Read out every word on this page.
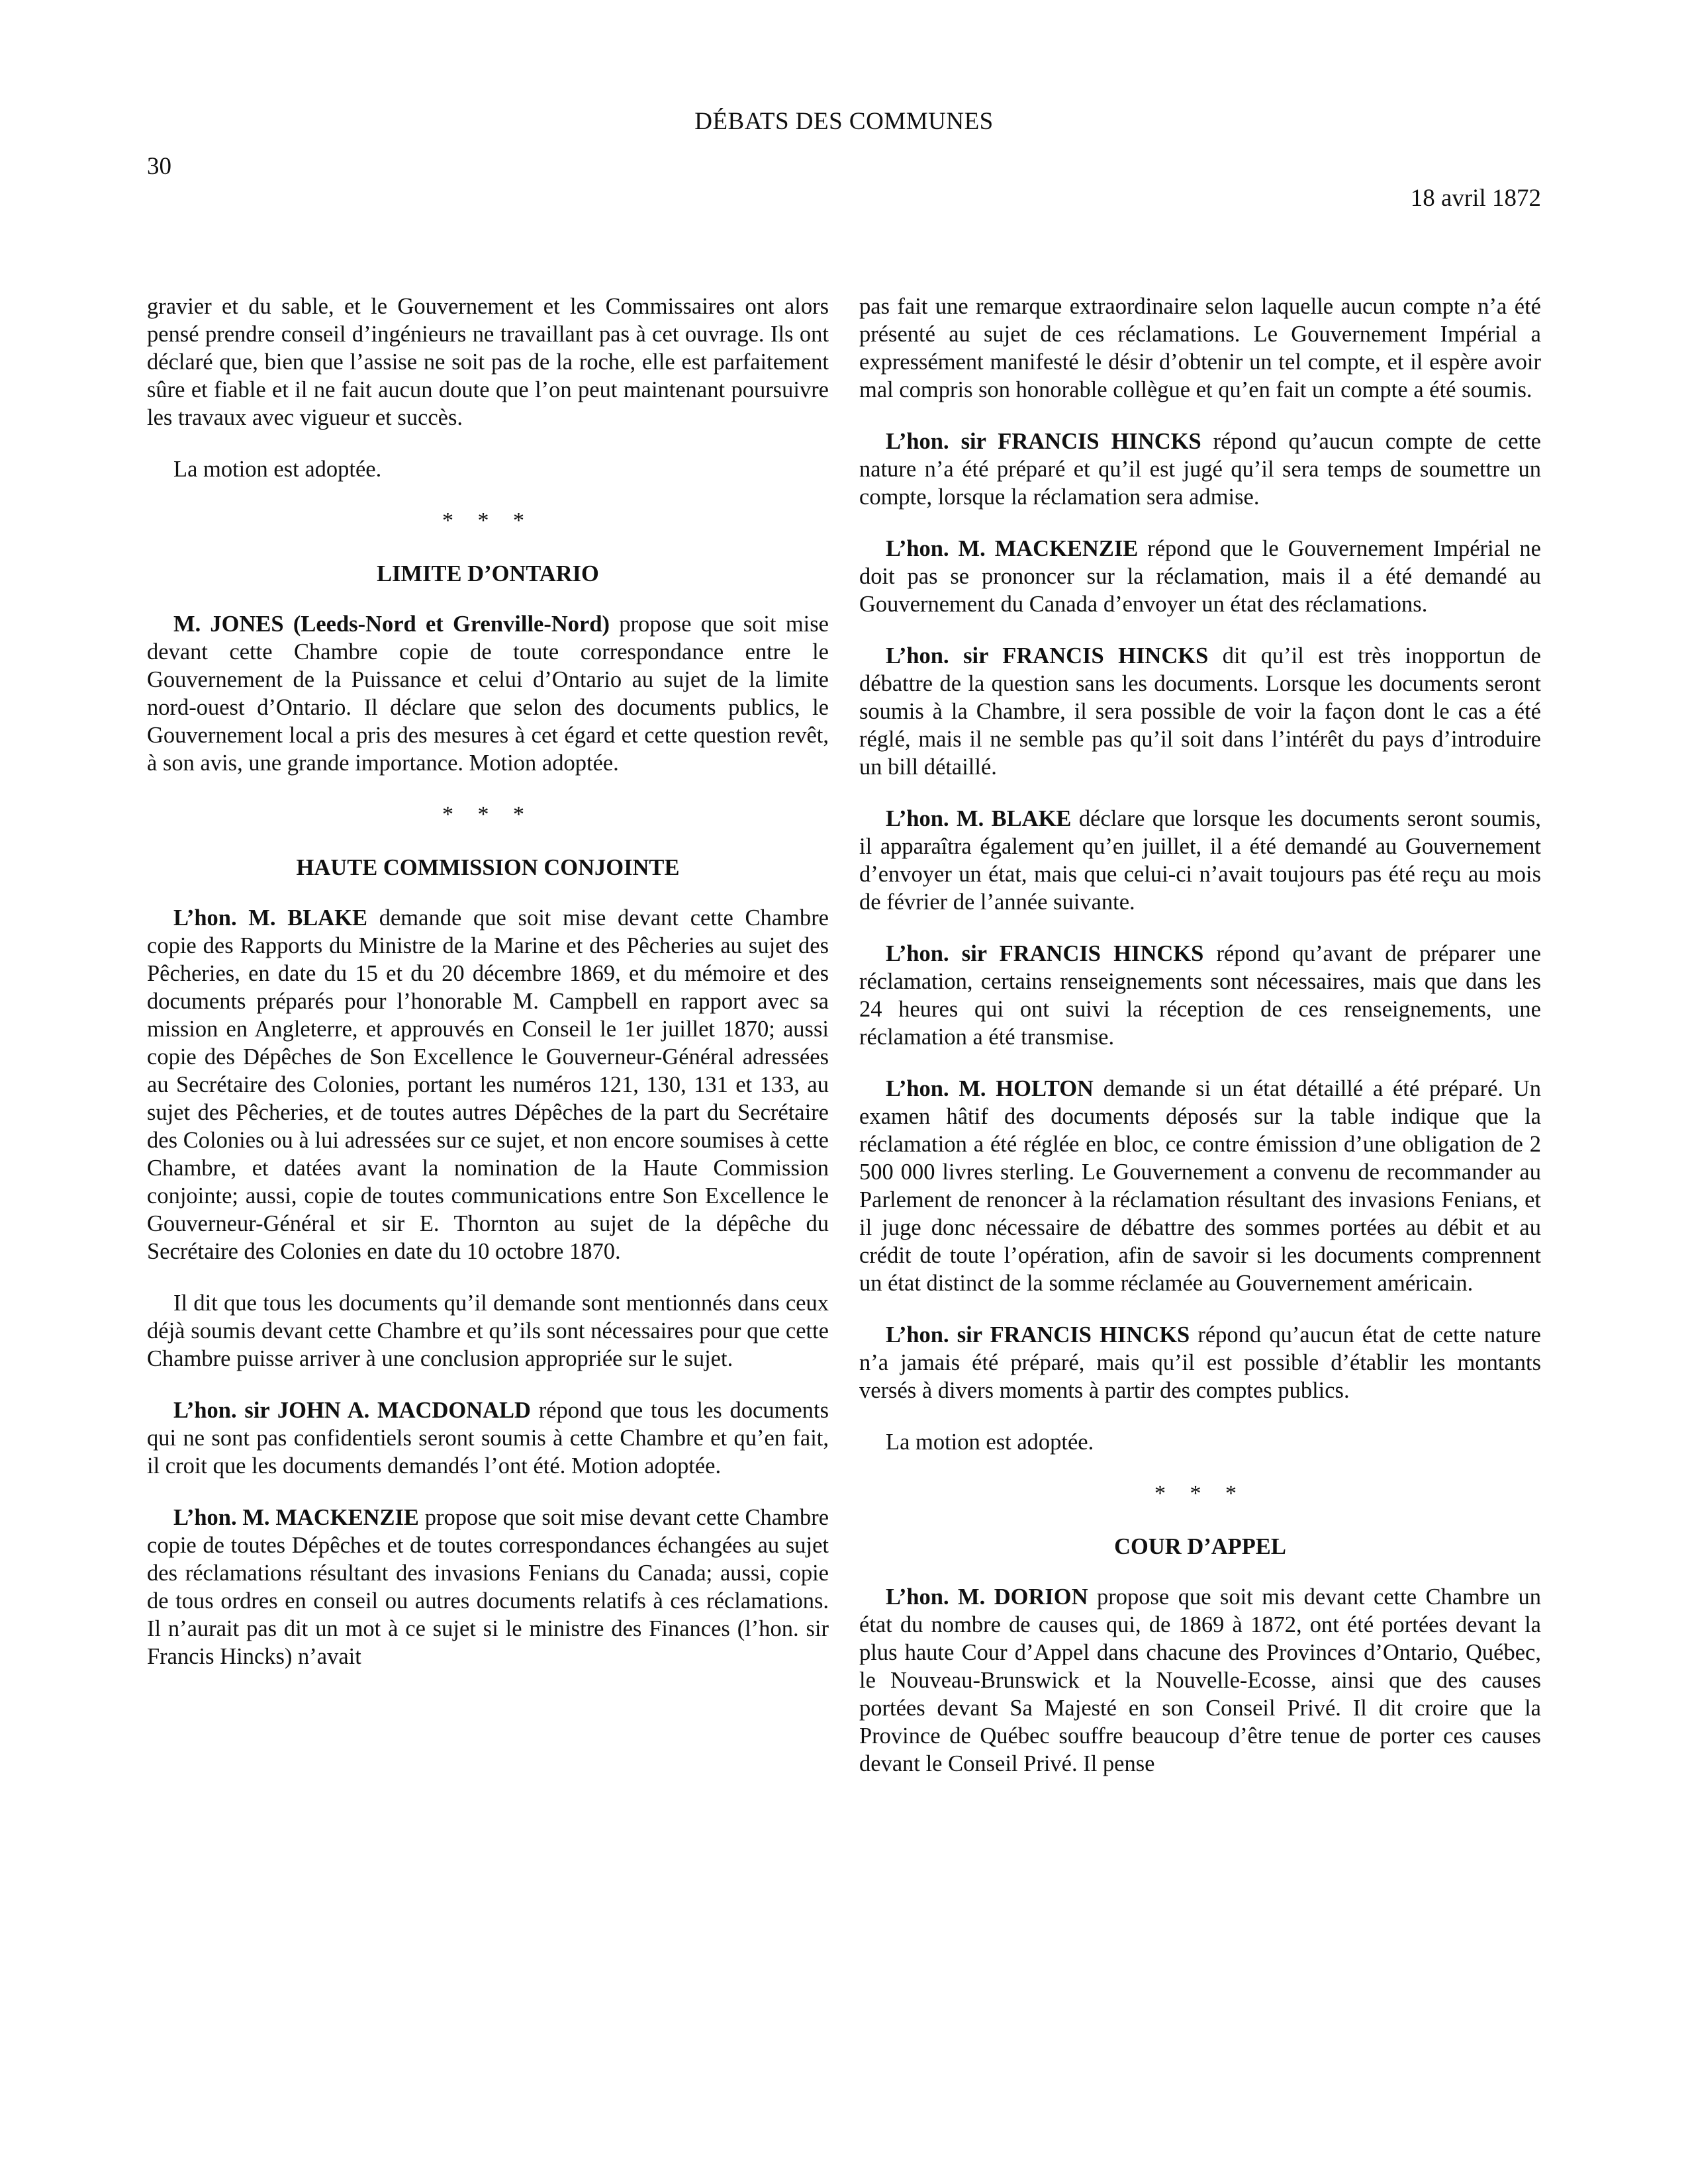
DÉBATS DES COMMUNES
30
18 avril 1872

gravier et du sable, et le Gouvernement et les Commissaires ont alors pensé prendre conseil d’ingénieurs ne travaillant pas à cet ouvrage. Ils ont déclaré que, bien que l’assise ne soit pas de la roche, elle est parfaitement sûre et fiable et il ne fait aucun doute que l’on peut maintenant poursuivre les travaux avec vigueur et succès.

La motion est adoptée.

* * *
LIMITE D’ONTARIO

M. JONES (Leeds-Nord et Grenville-Nord) propose que soit mise devant cette Chambre copie de toute correspondance entre le Gouvernement de la Puissance et celui d’Ontario au sujet de la limite nord-ouest d’Ontario. Il déclare que selon des documents publics, le Gouvernement local a pris des mesures à cet égard et cette question revêt, à son avis, une grande importance. Motion adoptée.

* * *
HAUTE COMMISSION CONJOINTE

L’hon. M. BLAKE demande que soit mise devant cette Chambre copie des Rapports du Ministre de la Marine et des Pêcheries au sujet des Pêcheries, en date du 15 et du 20 décembre 1869, et du mémoire et des documents préparés pour l’honorable M. Campbell en rapport avec sa mission en Angleterre, et approuvés en Conseil le 1er juillet 1870; aussi copie des Dépêches de Son Excellence le Gouverneur-Général adressées au Secrétaire des Colonies, portant les numéros 121, 130, 131 et 133, au sujet des Pêcheries, et de toutes autres Dépêches de la part du Secrétaire des Colonies ou à lui adressées sur ce sujet, et non encore soumises à cette Chambre, et datées avant la nomination de la Haute Commission conjointe; aussi, copie de toutes communications entre Son Excellence le Gouverneur-Général et sir E. Thornton au sujet de la dépêche du Secrétaire des Colonies en date du 10 octobre 1870.

Il dit que tous les documents qu’il demande sont mentionnés dans ceux déjà soumis devant cette Chambre et qu’ils sont nécessaires pour que cette Chambre puisse arriver à une conclusion appropriée sur le sujet.

L’hon. sir JOHN A. MACDONALD répond que tous les documents qui ne sont pas confidentiels seront soumis à cette Chambre et qu’en fait, il croit que les documents demandés l’ont été. Motion adoptée.

L’hon. M. MACKENZIE propose que soit mise devant cette Chambre copie de toutes Dépêches et de toutes correspondances échangées au sujet des réclamations résultant des invasions Fenians du Canada; aussi, copie de tous ordres en conseil ou autres documents relatifs à ces réclamations. Il n’aurait pas dit un mot à ce sujet si le ministre des Finances (l’hon. sir Francis Hincks) n’avait

pas fait une remarque extraordinaire selon laquelle aucun compte n’a été présenté au sujet de ces réclamations. Le Gouvernement Impérial a expressément manifesté le désir d’obtenir un tel compte, et il espère avoir mal compris son honorable collègue et qu’en fait un compte a été soumis.

L’hon. sir FRANCIS HINCKS répond qu’aucun compte de cette nature n’a été préparé et qu’il est jugé qu’il sera temps de soumettre un compte, lorsque la réclamation sera admise.

L’hon. M. MACKENZIE répond que le Gouvernement Impérial ne doit pas se prononcer sur la réclamation, mais il a été demandé au Gouvernement du Canada d’envoyer un état des réclamations.

L’hon. sir FRANCIS HINCKS dit qu’il est très inopportun de débattre de la question sans les documents. Lorsque les documents seront soumis à la Chambre, il sera possible de voir la façon dont le cas a été réglé, mais il ne semble pas qu’il soit dans l’intérêt du pays d’introduire un bill détaillé.

L’hon. M. BLAKE déclare que lorsque les documents seront soumis, il apparaîtra également qu’en juillet, il a été demandé au Gouvernement d’envoyer un état, mais que celui-ci n’avait toujours pas été reçu au mois de février de l’année suivante.

L’hon. sir FRANCIS HINCKS répond qu’avant de préparer une réclamation, certains renseignements sont nécessaires, mais que dans les 24 heures qui ont suivi la réception de ces renseignements, une réclamation a été transmise.

L’hon. M. HOLTON demande si un état détaillé a été préparé. Un examen hâtif des documents déposés sur la table indique que la réclamation a été réglée en bloc, ce contre émission d’une obligation de 2 500 000 livres sterling. Le Gouvernement a convenu de recommander au Parlement de renoncer à la réclamation résultant des invasions Fenians, et il juge donc nécessaire de débattre des sommes portées au débit et au crédit de toute l’opération, afin de savoir si les documents comprennent un état distinct de la somme réclamée au Gouvernement américain.

L’hon. sir FRANCIS HINCKS répond qu’aucun état de cette nature n’a jamais été préparé, mais qu’il est possible d’établir les montants versés à divers moments à partir des comptes publics.

La motion est adoptée.

* * *
COUR D’APPEL

L’hon. M. DORION propose que soit mis devant cette Chambre un état du nombre de causes qui, de 1869 à 1872, ont été portées devant la plus haute Cour d’Appel dans chacune des Provinces d’Ontario, Québec, le Nouveau-Brunswick et la Nouvelle-Ecosse, ainsi que des causes portées devant Sa Majesté en son Conseil Privé. Il dit croire que la Province de Québec souffre beaucoup d’être tenue de porter ces causes devant le Conseil Privé. Il pense
